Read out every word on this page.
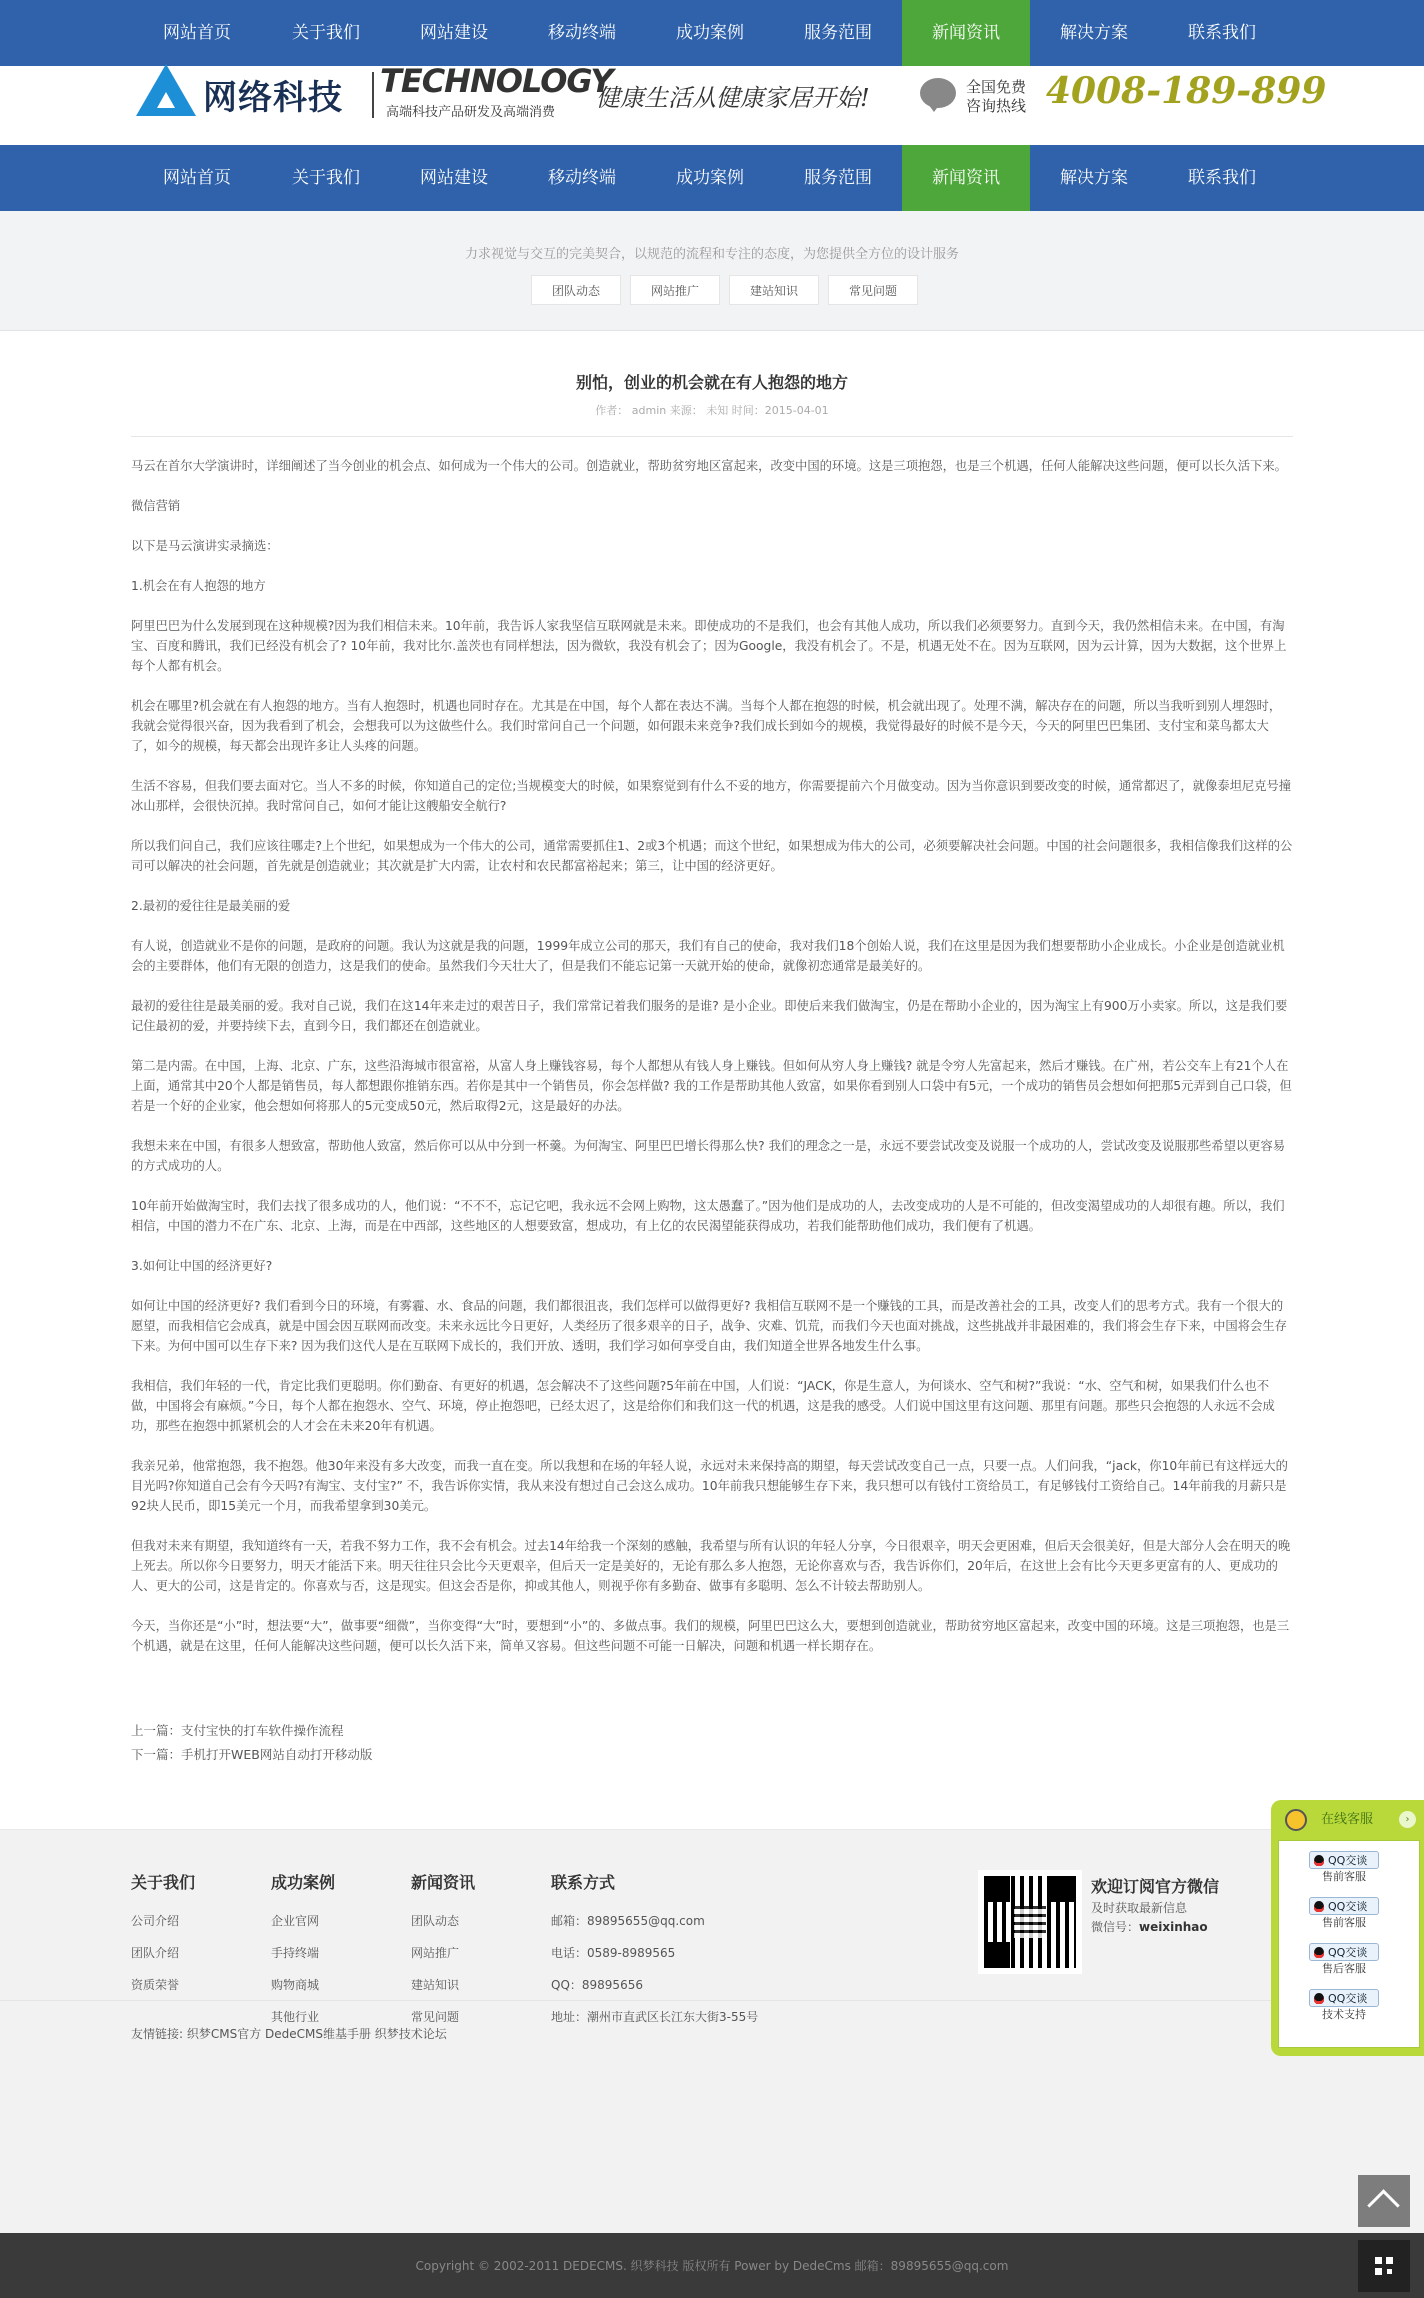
网站首页	关于我们	网站建设	移动终端	成功案例	服务范围	新闻资讯	解决方案	联系我们
网络科技 TECHNOLOGY
高端科技产品研发及高端消费
健康生活从健康家居开始!	全国免费
咨询热线 4008-189-899
网站首页	关于我们	网站建设	移动终端	成功案例	服务范围	新闻资讯	解决方案	联系我们
力求视觉与交互的完美契合，以规范的流程和专注的态度，为您提供全方位的设计服务
团队动态	网站推广	建站知识	常见问题
别怕，创业的机会就在有人抱怨的地方
作者： admin 来源： 未知 时间：2015-04-01

马云在首尔大学演讲时，详细阐述了当今创业的机会点、如何成为一个伟大的公司。创造就业，帮助贫穷地区富起来，改变中国的环境。这是三项抱怨，也是三个机遇，任何人能解决这些问题，便可以长久活下来。

微信营销

以下是马云演讲实录摘选：

1.机会在有人抱怨的地方

阿里巴巴为什么发展到现在这种规模?因为我们相信未来。10年前，我告诉人家我坚信互联网就是未来。即使成功的不是我们，也会有其他人成功，所以我们必须要努力。直到今天，我仍然相信未来。在中国，有淘宝、百度和腾讯，我们已经没有机会了? 10年前，我对比尔.盖茨也有同样想法，因为微软，我没有机会了；因为Google，我没有机会了。不是，机遇无处不在。因为互联网，因为云计算，因为大数据，这个世界上每个人都有机会。

机会在哪里?机会就在有人抱怨的地方。当有人抱怨时，机遇也同时存在。尤其是在中国，每个人都在表达不满。当每个人都在抱怨的时候，机会就出现了。处理不满，解决存在的问题，所以当我听到别人埋怨时，我就会觉得很兴奋，因为我看到了机会，会想我可以为这做些什么。我们时常问自己一个问题，如何跟未来竞争?我们成长到如今的规模，我觉得最好的时候不是今天，今天的阿里巴巴集团、支付宝和菜鸟都太大了，如今的规模，每天都会出现许多让人头疼的问题。

生活不容易，但我们要去面对它。当人不多的时候，你知道自己的定位;当规模变大的时候，如果察觉到有什么不妥的地方，你需要提前六个月做变动。因为当你意识到要改变的时候，通常都迟了，就像泰坦尼克号撞冰山那样，会很快沉掉。我时常问自己，如何才能让这艘船安全航行?

所以我们问自己，我们应该往哪走?上个世纪，如果想成为一个伟大的公司，通常需要抓住1、2或3个机遇；而这个世纪，如果想成为伟大的公司，必须要解决社会问题。中国的社会问题很多，我相信像我们这样的公司可以解决的社会问题，首先就是创造就业；其次就是扩大内需，让农村和农民都富裕起来；第三，让中国的经济更好。

2.最初的爱往往是最美丽的爱

有人说，创造就业不是你的问题，是政府的问题。我认为这就是我的问题，1999年成立公司的那天，我们有自己的使命，我对我们18个创始人说，我们在这里是因为我们想要帮助小企业成长。小企业是创造就业机会的主要群体，他们有无限的创造力，这是我们的使命。虽然我们今天壮大了，但是我们不能忘记第一天就开始的使命，就像初恋通常是最美好的。

最初的爱往往是最美丽的爱。我对自己说，我们在这14年来走过的艰苦日子，我们常常记着我们服务的是谁? 是小企业。即使后来我们做淘宝，仍是在帮助小企业的，因为淘宝上有900万小卖家。所以，这是我们要记住最初的爱，并要持续下去，直到今日，我们都还在创造就业。

第二是内需。在中国，上海、北京、广东，这些沿海城市很富裕，从富人身上赚钱容易，每个人都想从有钱人身上赚钱。但如何从穷人身上赚钱? 就是令穷人先富起来，然后才赚钱。在广州，若公交车上有21个人在上面，通常其中20个人都是销售员，每人都想跟你推销东西。若你是其中一个销售员，你会怎样做? 我的工作是帮助其他人致富，如果你看到别人口袋中有5元，一个成功的销售员会想如何把那5元弄到自己口袋，但若是一个好的企业家，他会想如何将那人的5元变成50元，然后取得2元，这是最好的办法。

我想未来在中国，有很多人想致富，帮助他人致富，然后你可以从中分到一杯羹。为何淘宝、阿里巴巴增长得那么快? 我们的理念之一是，永远不要尝试改变及说服一个成功的人，尝试改变及说服那些希望以更容易的方式成功的人。

10年前开始做淘宝时，我们去找了很多成功的人，他们说：“不不不，忘记它吧，我永远不会网上购物，这太愚蠢了。”因为他们是成功的人，去改变成功的人是不可能的，但改变渴望成功的人却很有趣。所以，我们相信，中国的潜力不在广东、北京、上海，而是在中西部，这些地区的人想要致富，想成功，有上亿的农民渴望能获得成功，若我们能帮助他们成功，我们便有了机遇。

3.如何让中国的经济更好?

如何让中国的经济更好? 我们看到今日的环境，有雾霾、水、食品的问题，我们都很沮丧，我们怎样可以做得更好? 我相信互联网不是一个赚钱的工具，而是改善社会的工具，改变人们的思考方式。我有一个很大的愿望，而我相信它会成真，就是中国会因互联网而改变。未来永远比今日更好，人类经历了很多艰辛的日子，战争、灾难、饥荒，而我们今天也面对挑战，这些挑战并非最困难的，我们将会生存下来，中国将会生存下来。为何中国可以生存下来? 因为我们这代人是在互联网下成长的，我们开放、透明，我们学习如何享受自由，我们知道全世界各地发生什么事。

我相信，我们年轻的一代，肯定比我们更聪明。你们勤奋、有更好的机遇，怎会解决不了这些问题?5年前在中国，人们说：“JACK，你是生意人，为何谈水、空气和树?”我说：“水、空气和树，如果我们什么也不做，中国将会有麻烦。”今日，每个人都在抱怨水、空气、环境，停止抱怨吧，已经太迟了，这是给你们和我们这一代的机遇，这是我的感受。人们说中国这里有这问题、那里有问题。那些只会抱怨的人永远不会成功，那些在抱怨中抓紧机会的人才会在未来20年有机遇。

我亲兄弟，他常抱怨，我不抱怨。他30年来没有多大改变，而我一直在变。所以我想和在场的年轻人说，永远对未来保持高的期望，每天尝试改变自己一点，只要一点。人们问我，“jack，你10年前已有这样远大的目光吗?你知道自己会有今天吗?有淘宝、支付宝?” 不，我告诉你实情，我从来没有想过自己会这么成功。10年前我只想能够生存下来，我只想可以有钱付工资给员工，有足够钱付工资给自己。14年前我的月薪只是92块人民币，即15美元一个月，而我希望拿到30美元。

但我对未来有期望，我知道终有一天，若我不努力工作，我不会有机会。过去14年给我一个深刻的感触，我希望与所有认识的年轻人分享，今日很艰辛，明天会更困难，但后天会很美好，但是大部分人会在明天的晚上死去。所以你今日要努力，明天才能活下来。明天往往只会比今天更艰辛，但后天一定是美好的，无论有那么多人抱怨，无论你喜欢与否，我告诉你们，20年后，在这世上会有比今天更多更富有的人、更成功的人、更大的公司，这是肯定的。你喜欢与否，这是现实。但这会否是你，抑或其他人，则视乎你有多勤奋、做事有多聪明、怎么不计较去帮助别人。

今天，当你还是“小”时，想法要“大”，做事要“细微”，当你变得“大”时，要想到“小”的、多做点事。我们的规模，阿里巴巴这么大，要想到创造就业，帮助贫穷地区富起来，改变中国的环境。这是三项抱怨，也是三个机遇，就是在这里，任何人能解决这些问题，便可以长久活下来，简单又容易。但这些问题不可能一日解决，问题和机遇一样长期存在。

上一篇：支付宝快的打车软件操作流程
下一篇：手机打开WEB网站自动打开移动版
关于我们
公司介绍
团队介绍
资质荣誉
成功案例
企业官网
手持终端
购物商城
其他行业
新闻资讯
团队动态
网站推广
建站知识
常见问题
联系方式
邮箱：89895655@qq.com
电话：0589-8989565
QQ：89895656
地址：潮州市直武区长江东大街3-55号
欢迎订阅官方微信
及时获取最新信息
微信号：weixinhao
友情链接: 织梦CMS官方 DedeCMS维基手册 织梦技术论坛
Copyright © 2002-2011 DEDECMS. 织梦科技 版权所有 Power by DedeCms 邮箱：89895655@qq.com
在线客服	›
QQ交谈
售前客服
QQ交谈
售前客服
QQ交谈
售后客服
QQ交谈
技术支持
